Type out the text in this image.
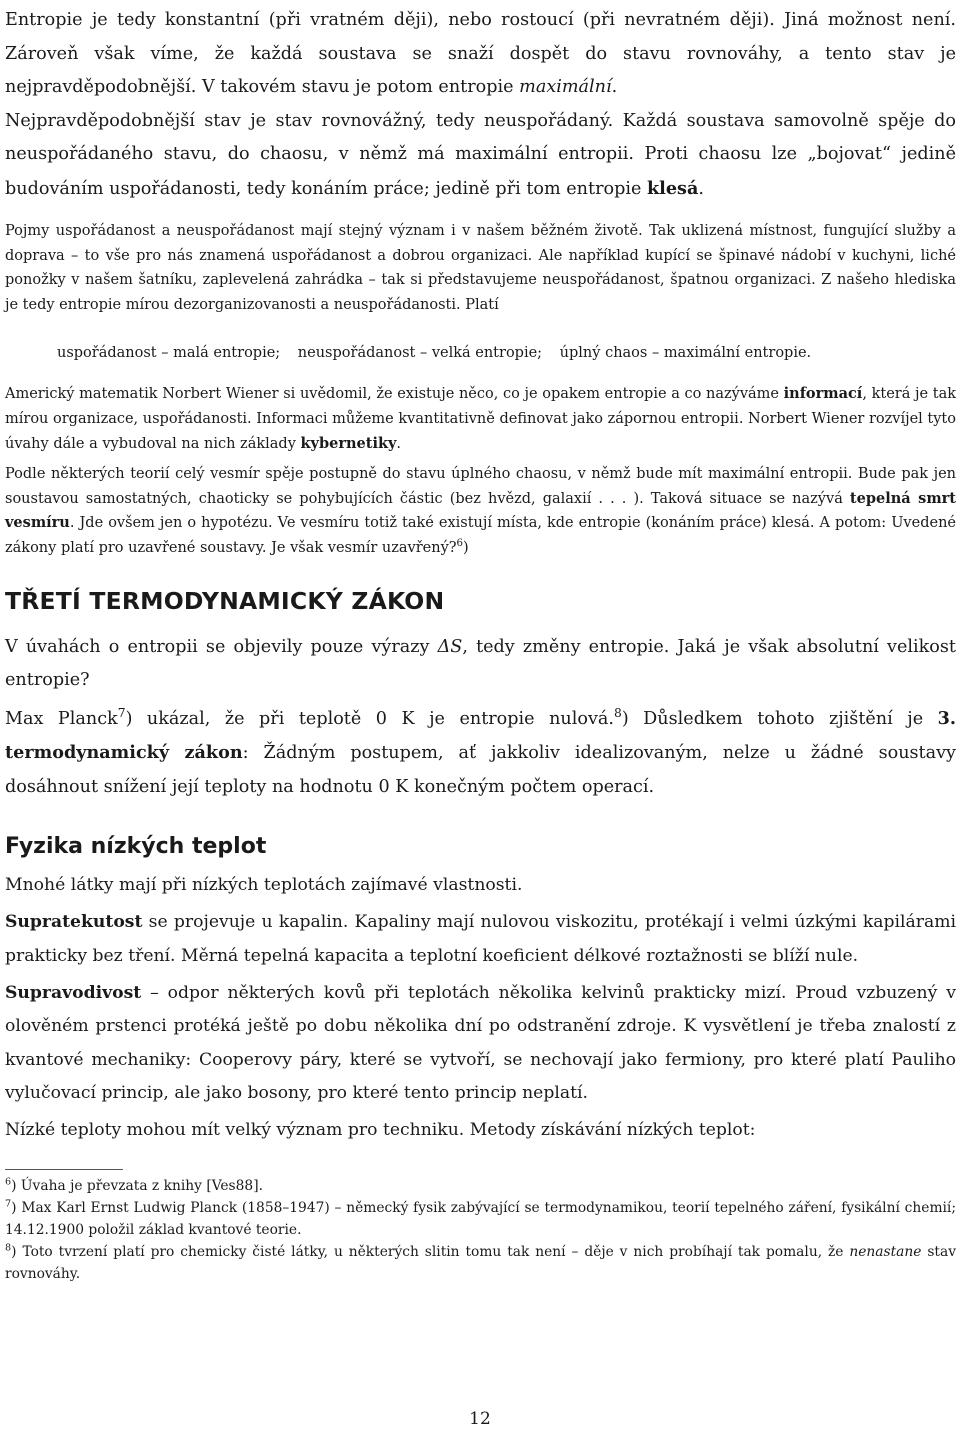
Entropie je tedy konstantní (při vratném ději), nebo rostoucí (při nevratném ději). Jiná možnost není. Zároveň však víme, že každá soustava se snaží dospět do stavu rovnováhy, a tento stav je nejpravděpodobnější. V takovém stavu je potom entropie maximální.

Nejpravděpodobnější stav je stav rovnovážný, tedy neuspořádaný. Každá soustava samovolně spěje do neuspořádaného stavu, do chaosu, v němž má maximální entropii. Proti chaosu lze „bojovat“ jedině budováním uspořádanosti, tedy konáním práce; jedině při tom entropie klesá.

Pojmy uspořádanost a neuspořádanost mají stejný význam i v našem běžném životě. Tak uklizená místnost, fungující služby a doprava – to vše pro nás znamená uspořádanost a dobrou organizaci. Ale například kupící se špinavé nádobí v kuchyni, liché ponožky v našem šatníku, zaplevelená zahrádka – tak si představujeme neuspořádanost, špatnou organizaci. Z našeho hlediska je tedy entropie mírou dezorganizovanosti a neuspořádanosti. Platí

uspořádanost – malá entropie; neuspořádanost – velká entropie; úplný chaos – maximální entropie.

Americký matematik Norbert Wiener si uvědomil, že existuje něco, co je opakem entropie a co nazýváme informací, která je tak mírou organizace, uspořádanosti. Informaci můžeme kvantitativně definovat jako zápornou entropii. Norbert Wiener rozvíjel tyto úvahy dále a vybudoval na nich základy kybernetiky.

Podle některých teorií celý vesmír spěje postupně do stavu úplného chaosu, v němž bude mít maximální entropii. Bude pak jen soustavou samostatných, chaoticky se pohybujících částic (bez hvězd, galaxií . . . ). Taková situace se nazývá tepelná smrt vesmíru. Jde ovšem jen o hypotézu. Ve vesmíru totiž také existují místa, kde entropie (konáním práce) klesá. A potom: Uvedené zákony platí pro uzavřené soustavy. Je však vesmír uzavřený?$^6$)

TŘETÍ TERMODYNAMICKÝ ZÁKON

V úvahách o entropii se objevily pouze výrazy ΔS, tedy změny entropie. Jaká je však absolutní velikost entropie?

Max Planck$^7$) ukázal, že při teplotě 0 K je entropie nulová.$^8$) Důsledkem tohoto zjištění je 3. termodynamický zákon: Žádným postupem, ať jakkoliv idealizovaným, nelze u žádné soustavy dosáhnout snížení její teploty na hodnotu 0 K konečným počtem operací.

Fyzika nízkých teplot

Mnohé látky mají při nízkých teplotách zajímavé vlastnosti.

Supratekutost se projevuje u kapalin. Kapaliny mají nulovou viskozitu, protékají i velmi úzkými kapilárami prakticky bez tření. Měrná tepelná kapacita a teplotní koeficient délkové roztažnosti se blíží nule.

Supravodivost – odpor některých kovů při teplotách několika kelvinů prakticky mizí. Proud vzbuzený v olověném prstenci protéká ještě po dobu několika dní po odstranění zdroje. K vysvětlení je třeba znalostí z kvantové mechaniky: Cooperovy páry, které se vytvoří, se nechovají jako fermiony, pro které platí Pauliho vylučovací princip, ale jako bosony, pro které tento princip neplatí.

Nízké teploty mohou mít velký význam pro techniku. Metody získávání nízkých teplot:

$^6$) Úvaha je převzata z knihy [Ves88].

$^7$) Max Karl Ernst Ludwig Planck (1858–1947) – německý fysik zabývající se termodynamikou, teorií tepelného záření, fysikální chemií; 14.12.1900 položil základ kvantové teorie.

$^8$) Toto tvrzení platí pro chemicky čisté látky, u některých slitin tomu tak není – děje v nich probíhají tak pomalu, že nenastane stav rovnováhy.

12
